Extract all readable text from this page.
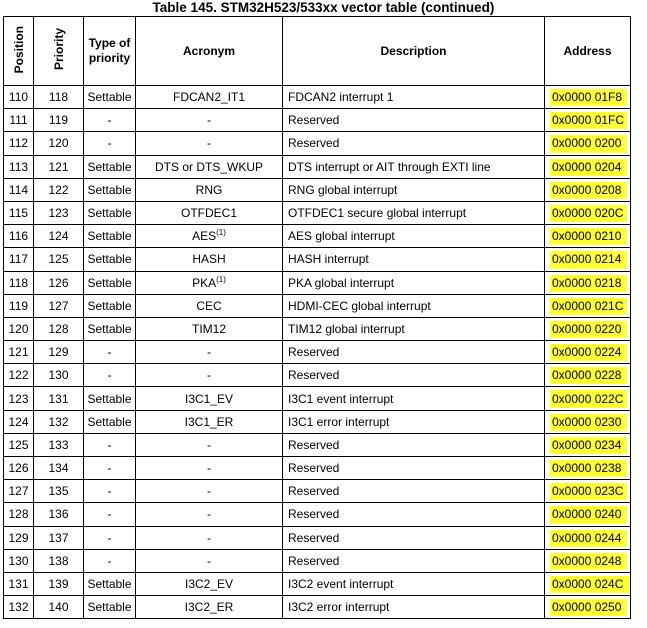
Table 145. STM32H523/533xx vector table (continued)
Position	Priority	Type of priority	Acronym	Description	Address
110	118	Settable	FDCAN2_IT1	FDCAN2 interrupt 1	0x0000 01F8
111	119	-	-	Reserved	0x0000 01FC
112	120	-	-	Reserved	0x0000 0200
113	121	Settable	DTS or DTS_WKUP	DTS interrupt or AIT through EXTI line	0x0000 0204
114	122	Settable	RNG	RNG global interrupt	0x0000 0208
115	123	Settable	OTFDEC1	OTFDEC1 secure global interrupt	0x0000 020C
116	124	Settable	AES$^{(1)}$	AES global interrupt	0x0000 0210
117	125	Settable	HASH	HASH interrupt	0x0000 0214
118	126	Settable	PKA$^{(1)}$	PKA global interrupt	0x0000 0218
119	127	Settable	CEC	HDMI-CEC global interrupt	0x0000 021C
120	128	Settable	TIM12	TIM12 global interrupt	0x0000 0220
121	129	-	-	Reserved	0x0000 0224
122	130	-	-	Reserved	0x0000 0228
123	131	Settable	I3C1_EV	I3C1 event interrupt	0x0000 022C
124	132	Settable	I3C1_ER	I3C1 error interrupt	0x0000 0230
125	133	-	-	Reserved	0x0000 0234
126	134	-	-	Reserved	0x0000 0238
127	135	-	-	Reserved	0x0000 023C
128	136	-	-	Reserved	0x0000 0240
129	137	-	-	Reserved	0x0000 0244
130	138	-	-	Reserved	0x0000 0248
131	139	Settable	I3C2_EV	I3C2 event interrupt	0x0000 024C
132	140	Settable	I3C2_ER	I3C2 error interrupt	0x0000 0250
